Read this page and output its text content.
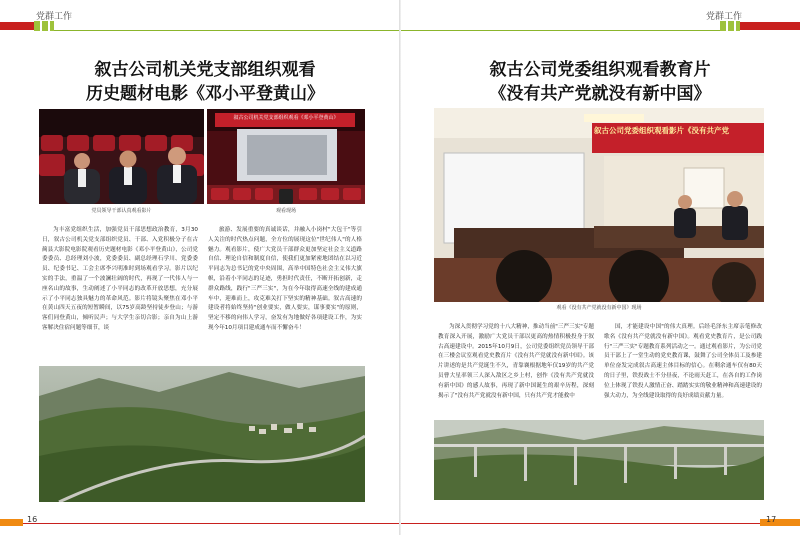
党群工作
叙古公司机关党支部组织观看
历史题材电影《邓小平登黄山》
党员领导干部认真观看影片
叙古公司机关党支部组织观看《邓小平登黄山》
观看现场

为丰富党组织生活，加强党员干部思想政治教育，3月30日，叙古公司机关党支部组织党员、干部、入党积极分子在古蔺县大影院电影院观看历史题材电影《邓小平登黄山》，公司党委委员、总经理刘小波，党委委员、副总经理石学川、党委委员、纪委书记、工会主席李兴明准时到场观看学习。影片以纪实的手法，重温了一个波澜壮阔的时代，再现了一代伟人与一座名山的故事，生动阐述了小平同志的改革开放思想，充分展示了小平同志独具魅力的革命风范。影片将镜头聚焦在邓小平在黄山四天五夜的短暂瞬间，以75岁高龄坚持徒步登山；与游客们同登黄山，倾听民声；与大学生亲切合影；亲自为山上游客解决住宿问题等细节，谈

旅游、发展重要的真诚谈话，并融入小岗村"大包干"等引人关注的时代热点问题，全方位的展现这位"世纪伟人"的人格魅力。观看影片，使广大党员干部群众更加坚定社会主义道路自信、理论自信和制度自信，使我们更加紧密地团结在以习近平同志为总书记的党中央周围，高举中国特色社会主义伟大旗帜，沿着小平同志的足迹，勇担时代责任，不断开拓创新，走群众路线，践行"三严三实"，为在今年取得高速全线的建成通车中，迎难而上，攻克难关打下坚实的精神基础。叙古高速的建设者将始终坚持"创业要实，做人要实，谋事要实"的原则，坚定不移的向伟人学习，奋发有为地做好各项建设工作，为实现今年10月项目建成通车而不懈奋斗！

16
党群工作
叙古公司党委组织观看教育片
《没有共产党就没有新中国》
叙古公司党委组织观看影片《没有共产党
观看《没有共产党就没有新中国》现场

为深入贯彻学习党的十八大精神，推动当前"三严三实"专题教育深入开展，激励广大党员干部以更高的热情积极投身于叙古高速建设中。2015年10月9日，公司党委组织党员领导干部在三楼会议室观看党史教育片《没有共产党就没有新中国》。该片讲述的是共产党诞生不久，青靠襄根据地年仅19岁的共产党员曹大星率领三人深入敌区之乡上村，创作《没有共产党就没有新中国》的感人故事，再现了新中国诞生的艰辛历程，深刻揭示了"没有共产党就没有新中国，只有共产党才能救中

国，才能建设中国"的伟大真理。后经毛泽东主席亲笔修改歌名《没有共产党就没有新中国》。观看党史教育片，是公司践行"三严三实"专题教育系列活动之一。通过观看影片，为公司党员干部上了一堂生动的党史教育课，鼓舞了公司全体员工及参建单位奋发完成叙古高速主体目标的信心。在剩余通车仅有80天的日子里，铁投战士不分昼夜，不论雨天赶工，在各自的工作岗位上体现了铁投人激情正奋、踏踏实实的敬业精神和高速建设的强大动力，为全线建设取得的良好成绩贡献力量。

17
